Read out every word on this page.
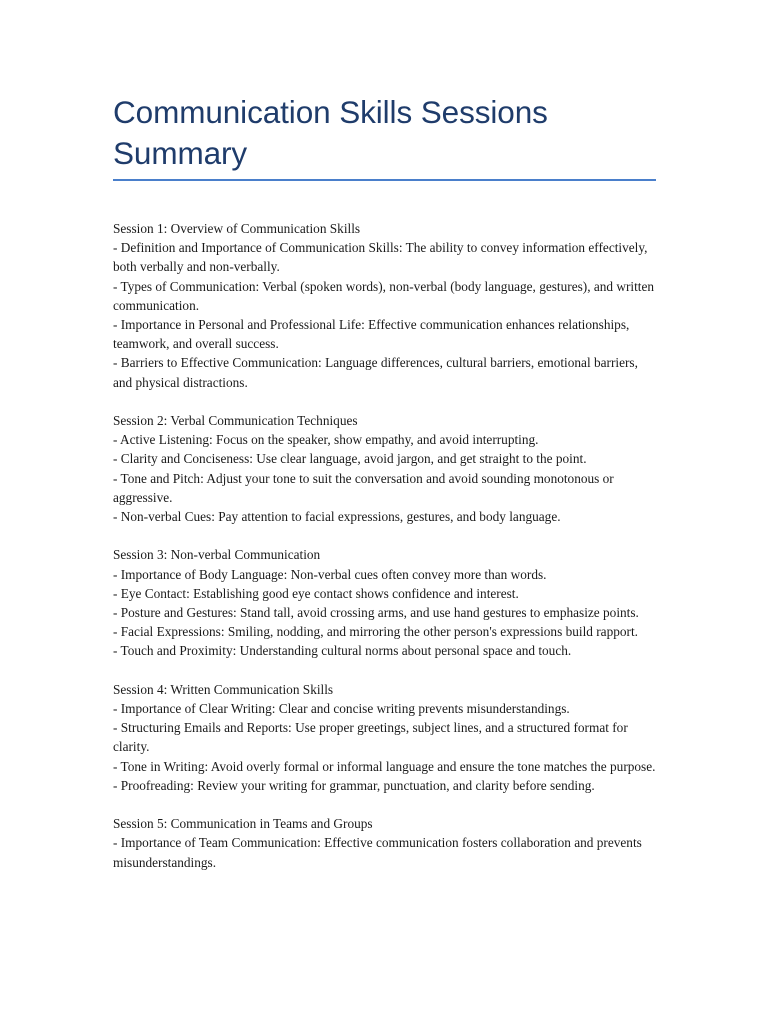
Communication Skills Sessions Summary
Session 1: Overview of Communication Skills
- Definition and Importance of Communication Skills: The ability to convey information effectively, both verbally and non-verbally.
- Types of Communication: Verbal (spoken words), non-verbal (body language, gestures), and written communication.
- Importance in Personal and Professional Life: Effective communication enhances relationships, teamwork, and overall success.
- Barriers to Effective Communication: Language differences, cultural barriers, emotional barriers, and physical distractions.
Session 2: Verbal Communication Techniques
- Active Listening: Focus on the speaker, show empathy, and avoid interrupting.
- Clarity and Conciseness: Use clear language, avoid jargon, and get straight to the point.
- Tone and Pitch: Adjust your tone to suit the conversation and avoid sounding monotonous or aggressive.
- Non-verbal Cues: Pay attention to facial expressions, gestures, and body language.
Session 3: Non-verbal Communication
- Importance of Body Language: Non-verbal cues often convey more than words.
- Eye Contact: Establishing good eye contact shows confidence and interest.
- Posture and Gestures: Stand tall, avoid crossing arms, and use hand gestures to emphasize points.
- Facial Expressions: Smiling, nodding, and mirroring the other person's expressions build rapport.
- Touch and Proximity: Understanding cultural norms about personal space and touch.
Session 4: Written Communication Skills
- Importance of Clear Writing: Clear and concise writing prevents misunderstandings.
- Structuring Emails and Reports: Use proper greetings, subject lines, and a structured format for clarity.
- Tone in Writing: Avoid overly formal or informal language and ensure the tone matches the purpose.
- Proofreading: Review your writing for grammar, punctuation, and clarity before sending.
Session 5: Communication in Teams and Groups
- Importance of Team Communication: Effective communication fosters collaboration and prevents misunderstandings.
